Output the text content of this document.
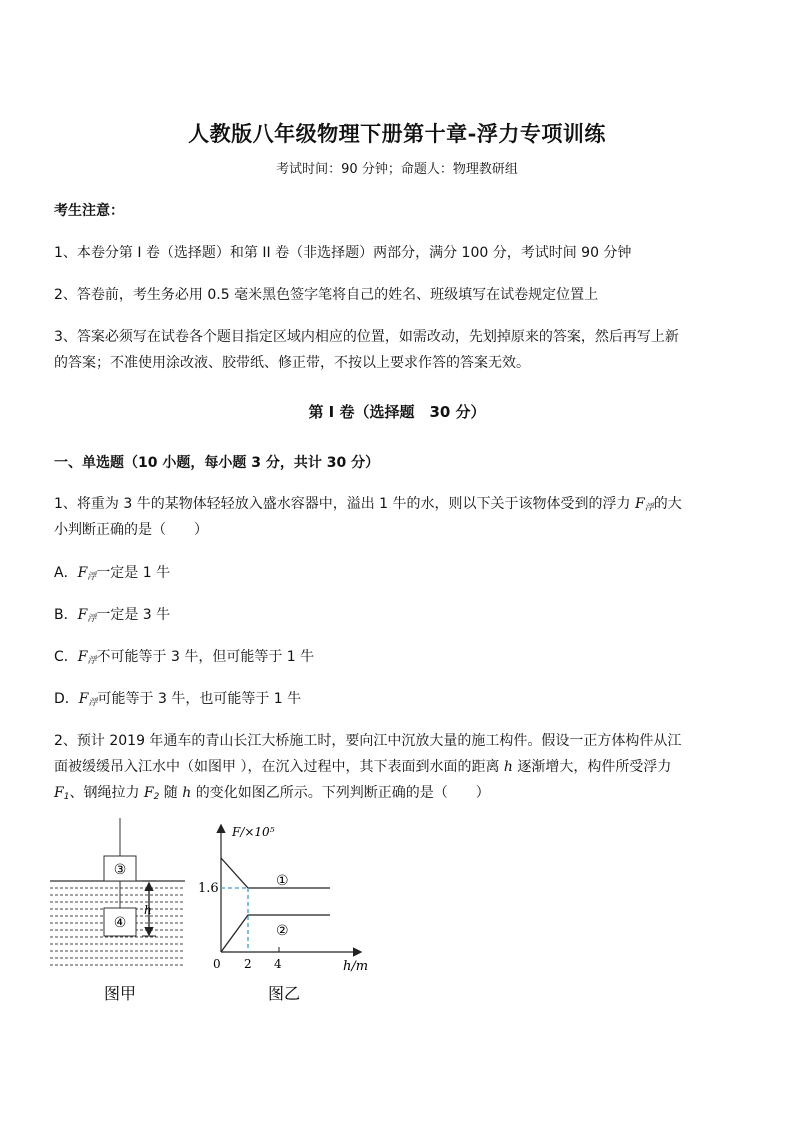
人教版八年级物理下册第十章-浮力专项训练
考试时间：90 分钟；命题人：物理教研组
考生注意：
1、本卷分第 I 卷（选择题）和第 II 卷（非选择题）两部分，满分 100 分，考试时间 90 分钟
2、答卷前，考生务必用 0.5 毫米黑色签字笔将自己的姓名、班级填写在试卷规定位置上
3、答案必须写在试卷各个题目指定区域内相应的位置，如需改动，先划掉原来的答案，然后再写上新
的答案；不准使用涂改液、胶带纸、修正带，不按以上要求作答的答案无效。
第 I 卷（选择题　30 分）
一、单选题（10 小题，每小题 3 分，共计 30 分）
1、将重为 3 牛的某物体轻轻放入盛水容器中，溢出 1 牛的水，则以下关于该物体受到的浮力 F浮的大
小判断正确的是（　　）
A．F浮一定是 1 牛
B．F浮一定是 3 牛
C．F浮不可能等于 3 牛，但可能等于 1 牛
D．F浮可能等于 3 牛，也可能等于 1 牛
2、预计 2019 年通车的青山长江大桥施工时，要向江中沉放大量的施工构件。假设一正方体构件从江
面被缓缓吊入江水中（如图甲 ），在沉入过程中，其下表面到水面的距离 h 逐渐增大，构件所受浮力
F1、钢绳拉力 F2 随 h 的变化如图乙所示。下列判断正确的是（　　）
③
④
h
图甲
F/×10⁵
h/m
1.6
0 2 4
①
②
图乙
